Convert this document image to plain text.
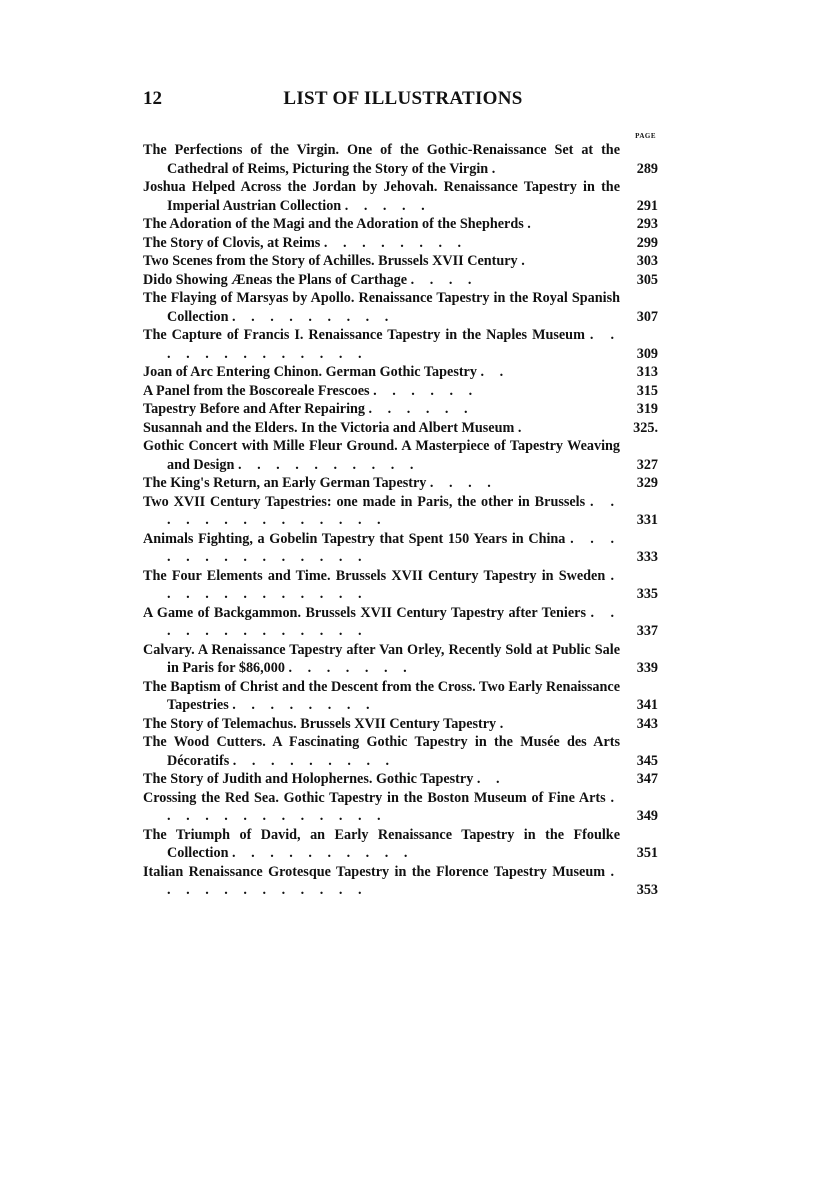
12	LIST OF ILLUSTRATIONS
PAGE
The Perfections of the Virgin. One of the Gothic-Renaissance Set at the Cathedral of Reims, Picturing the Story of the Virgin .	289
Joshua Helped Across the Jordan by Jehovah. Renaissance Tapestry in the Imperial Austrian Collection . . . . .	291
The Adoration of the Magi and the Adoration of the Shepherds .	293
The Story of Clovis, at Reims . . . . . . . .	299
Two Scenes from the Story of Achilles. Brussels XVII Century .	303
Dido Showing Æneas the Plans of Carthage . . . .	305
The Flaying of Marsyas by Apollo. Renaissance Tapestry in the Royal Spanish Collection . . . . . . . . .	307
The Capture of Francis I. Renaissance Tapestry in the Naples Museum . . . . . . . . . . . . .	309
Joan of Arc Entering Chinon. German Gothic Tapestry . .	313
A Panel from the Boscoreale Frescoes . . . . . .	315
Tapestry Before and After Repairing . . . . . .	319
Susannah and the Elders. In the Victoria and Albert Museum .	325.
Gothic Concert with Mille Fleur Ground. A Masterpiece of Tapestry Weaving and Design . . . . . . . . . .	327
The King's Return, an Early German Tapestry . . . .	329
Two XVII Century Tapestries: one made in Paris, the other in Brussels . . . . . . . . . . . . . .	331
Animals Fighting, a Gobelin Tapestry that Spent 150 Years in China . . . . . . . . . . . . . .	333
The Four Elements and Time. Brussels XVII Century Tapestry in Sweden . . . . . . . . . . . .	335
A Game of Backgammon. Brussels XVII Century Tapestry after Teniers . . . . . . . . . . . . .	337
Calvary. A Renaissance Tapestry after Van Orley, Recently Sold at Public Sale in Paris for $86,000 . . . . . . .	339
The Baptism of Christ and the Descent from the Cross. Two Early Renaissance Tapestries . . . . . . . .	341
The Story of Telemachus. Brussels XVII Century Tapestry .	343
The Wood Cutters. A Fascinating Gothic Tapestry in the Musée des Arts Décoratifs . . . . . . . . .	345
The Story of Judith and Holophernes. Gothic Tapestry . .	347
Crossing the Red Sea. Gothic Tapestry in the Boston Museum of Fine Arts . . . . . . . . . . . . .	349
The Triumph of David, an Early Renaissance Tapestry in the Ffoulke Collection . . . . . . . . . .	351
Italian Renaissance Grotesque Tapestry in the Florence Tapestry Museum . . . . . . . . . . . .	353
